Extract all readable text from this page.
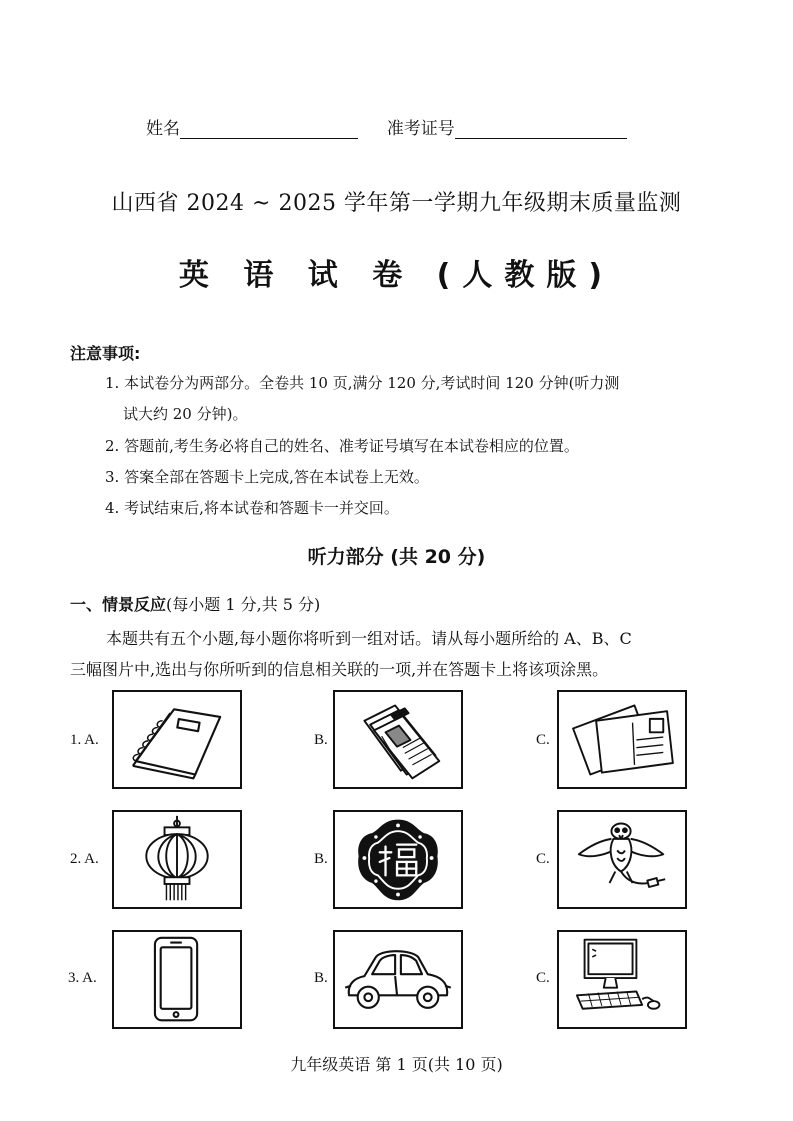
姓名	准考证号
山西省 2024 ~ 2025 学年第一学期九年级期末质量监测
英 语 试 卷 (人教版)
注意事项:
1. 本试卷分为两部分。全卷共 10 页,满分 120 分,考试时间 120 分钟(听力测
试大约 20 分钟)。
2. 答题前,考生务必将自己的姓名、准考证号填写在本试卷相应的位置。
3. 答案全部在答题卡上完成,答在本试卷上无效。
4. 考试结束后,将本试卷和答题卡一并交回。
听力部分 (共 20 分)
一、情景反应(每小题 1 分,共 5 分)
本题共有五个小题,每小题你将听到一组对话。请从每小题所给的 A、B、C
三幅图片中,选出与你所听到的信息相关联的一项,并在答题卡上将该项涂黑。
1. A.	B.	C.
2. A.	B.	C.
3. A.	B.	C.
九年级英语 第 1 页(共 10 页)
